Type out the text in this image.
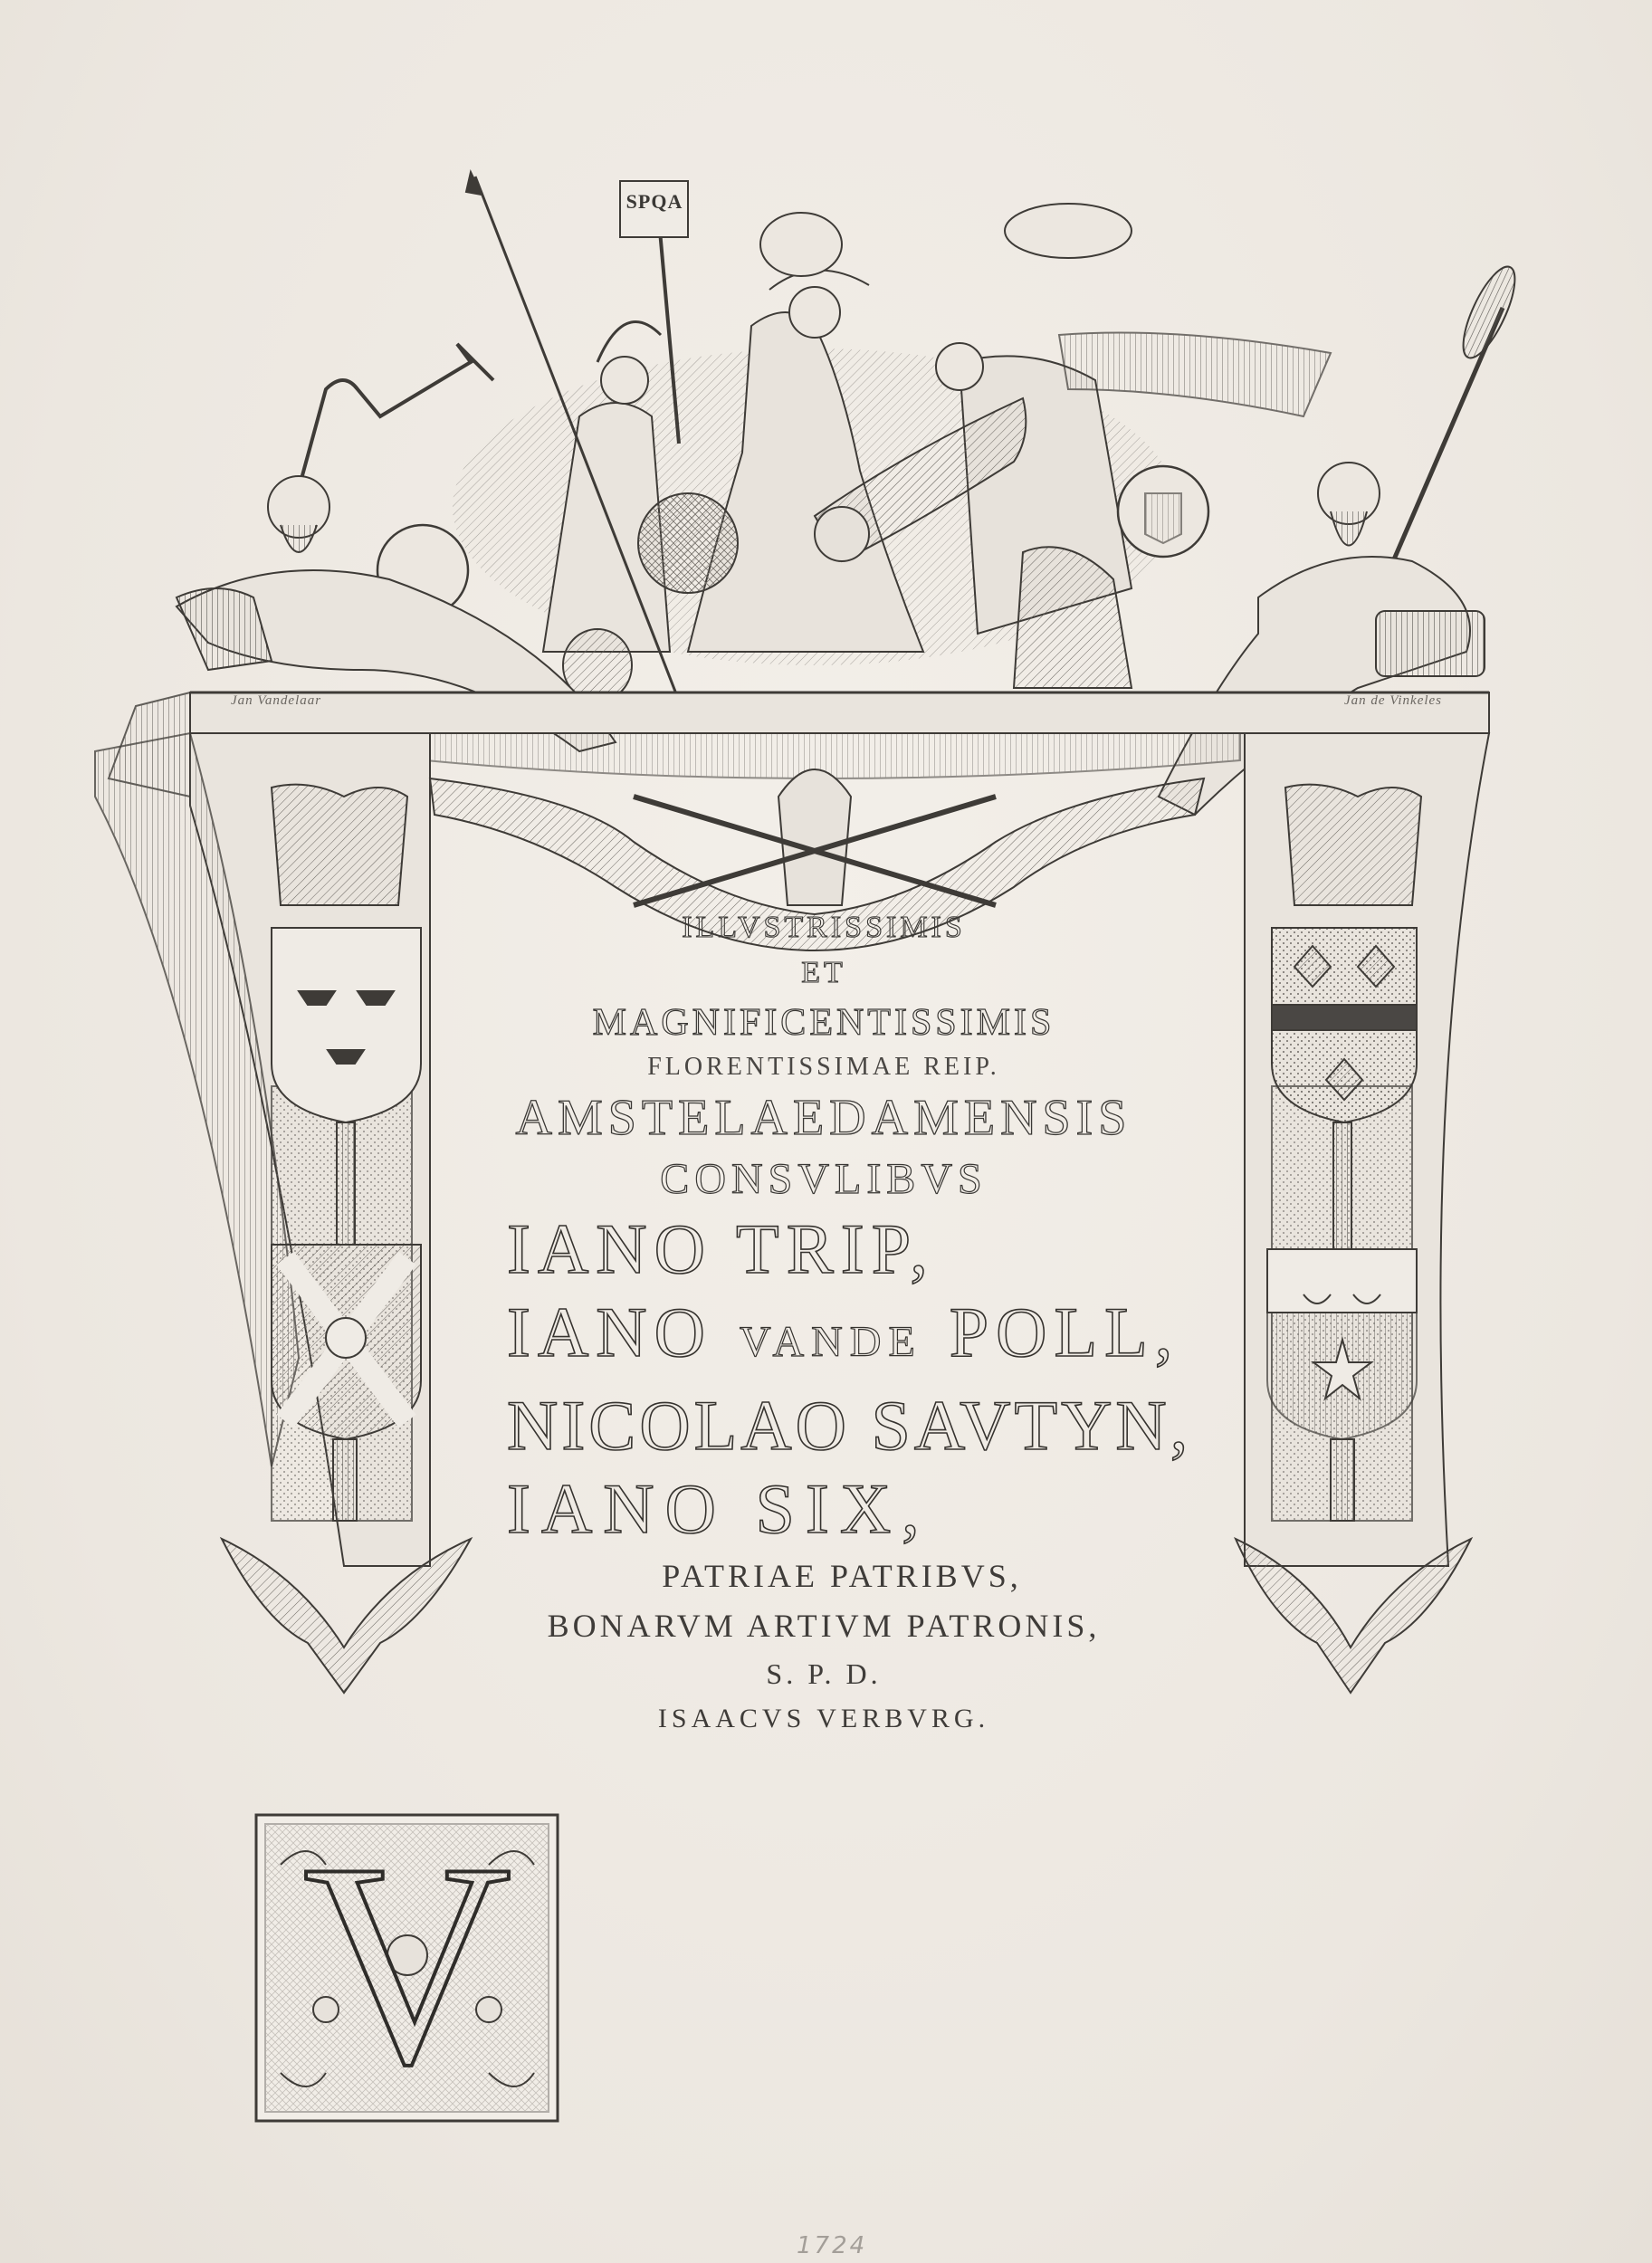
SPQA
Jan Vandelaar	Jan de Vinkeles
ILLVSTRISSIMIS
ET
MAGNIFICENTISSIMIS
FLORENTISSIMAE REIP.
AMSTELAEDAMENSIS
CONSVLIBVS
IANO TRIP,
IANO VANDE POLL,
NICOLAO SAVTYN,
IANO SIX,
PATRIAE PATRIBVS,
BONARVM ARTIVM PATRONIS,
S. P. D.
ISAACVS VERBVRG.
V
1724
